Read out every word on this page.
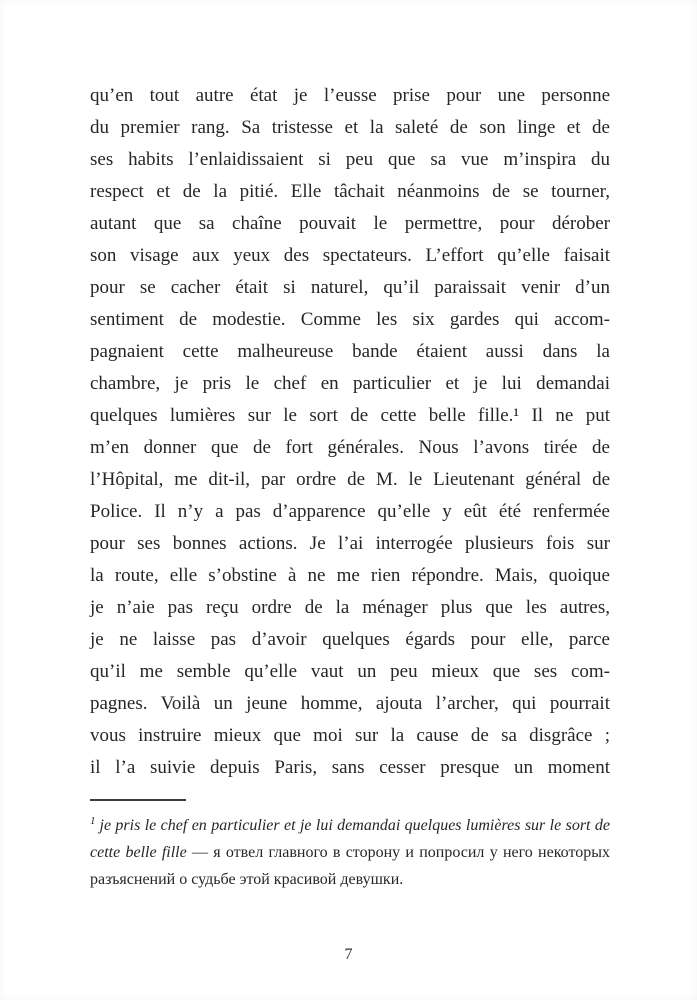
qu’en tout autre état je l’eusse prise pour une personne
du premier rang. Sa tristesse et la saleté de son linge et de
ses habits l’enlaidissaient si peu que sa vue m’inspira du
respect et de la pitié. Elle tâchait néanmoins de se tourner,
autant que sa chaîne pouvait le permettre, pour dérober
son visage aux yeux des spectateurs. L’effort qu’elle faisait
pour se cacher était si naturel, qu’il paraissait venir d’un
sentiment de modestie. Comme les six gardes qui accom-
pagnaient cette malheureuse bande étaient aussi dans la
chambre, je pris le chef en particulier et je lui demandai
quelques lumières sur le sort de cette belle fille.¹ Il ne put
m’en donner que de fort générales. Nous l’avons tirée de
l’Hôpital, me dit-il, par ordre de M. le Lieutenant général de
Police. Il n’y a pas d’apparence qu’elle y eût été renfermée
pour ses bonnes actions. Je l’ai interrogée plusieurs fois sur
la route, elle s’obstine à ne me rien répondre. Mais, quoique
je n’aie pas reçu ordre de la ménager plus que les autres,
je ne laisse pas d’avoir quelques égards pour elle, parce
qu’il me semble qu’elle vaut un peu mieux que ses com-
pagnes. Voilà un jeune homme, ajouta l’archer, qui pourrait
vous instruire mieux que moi sur la cause de sa disgrâce ;
il l’a suivie depuis Paris, sans cesser presque un moment

$^1$ je pris le chef en particulier et je lui demandai quelques lumières sur le sort de cette belle fille — я отвел главного в сторону и попросил у него некоторых разъяснений о судьбе этой красивой девушки.

7
